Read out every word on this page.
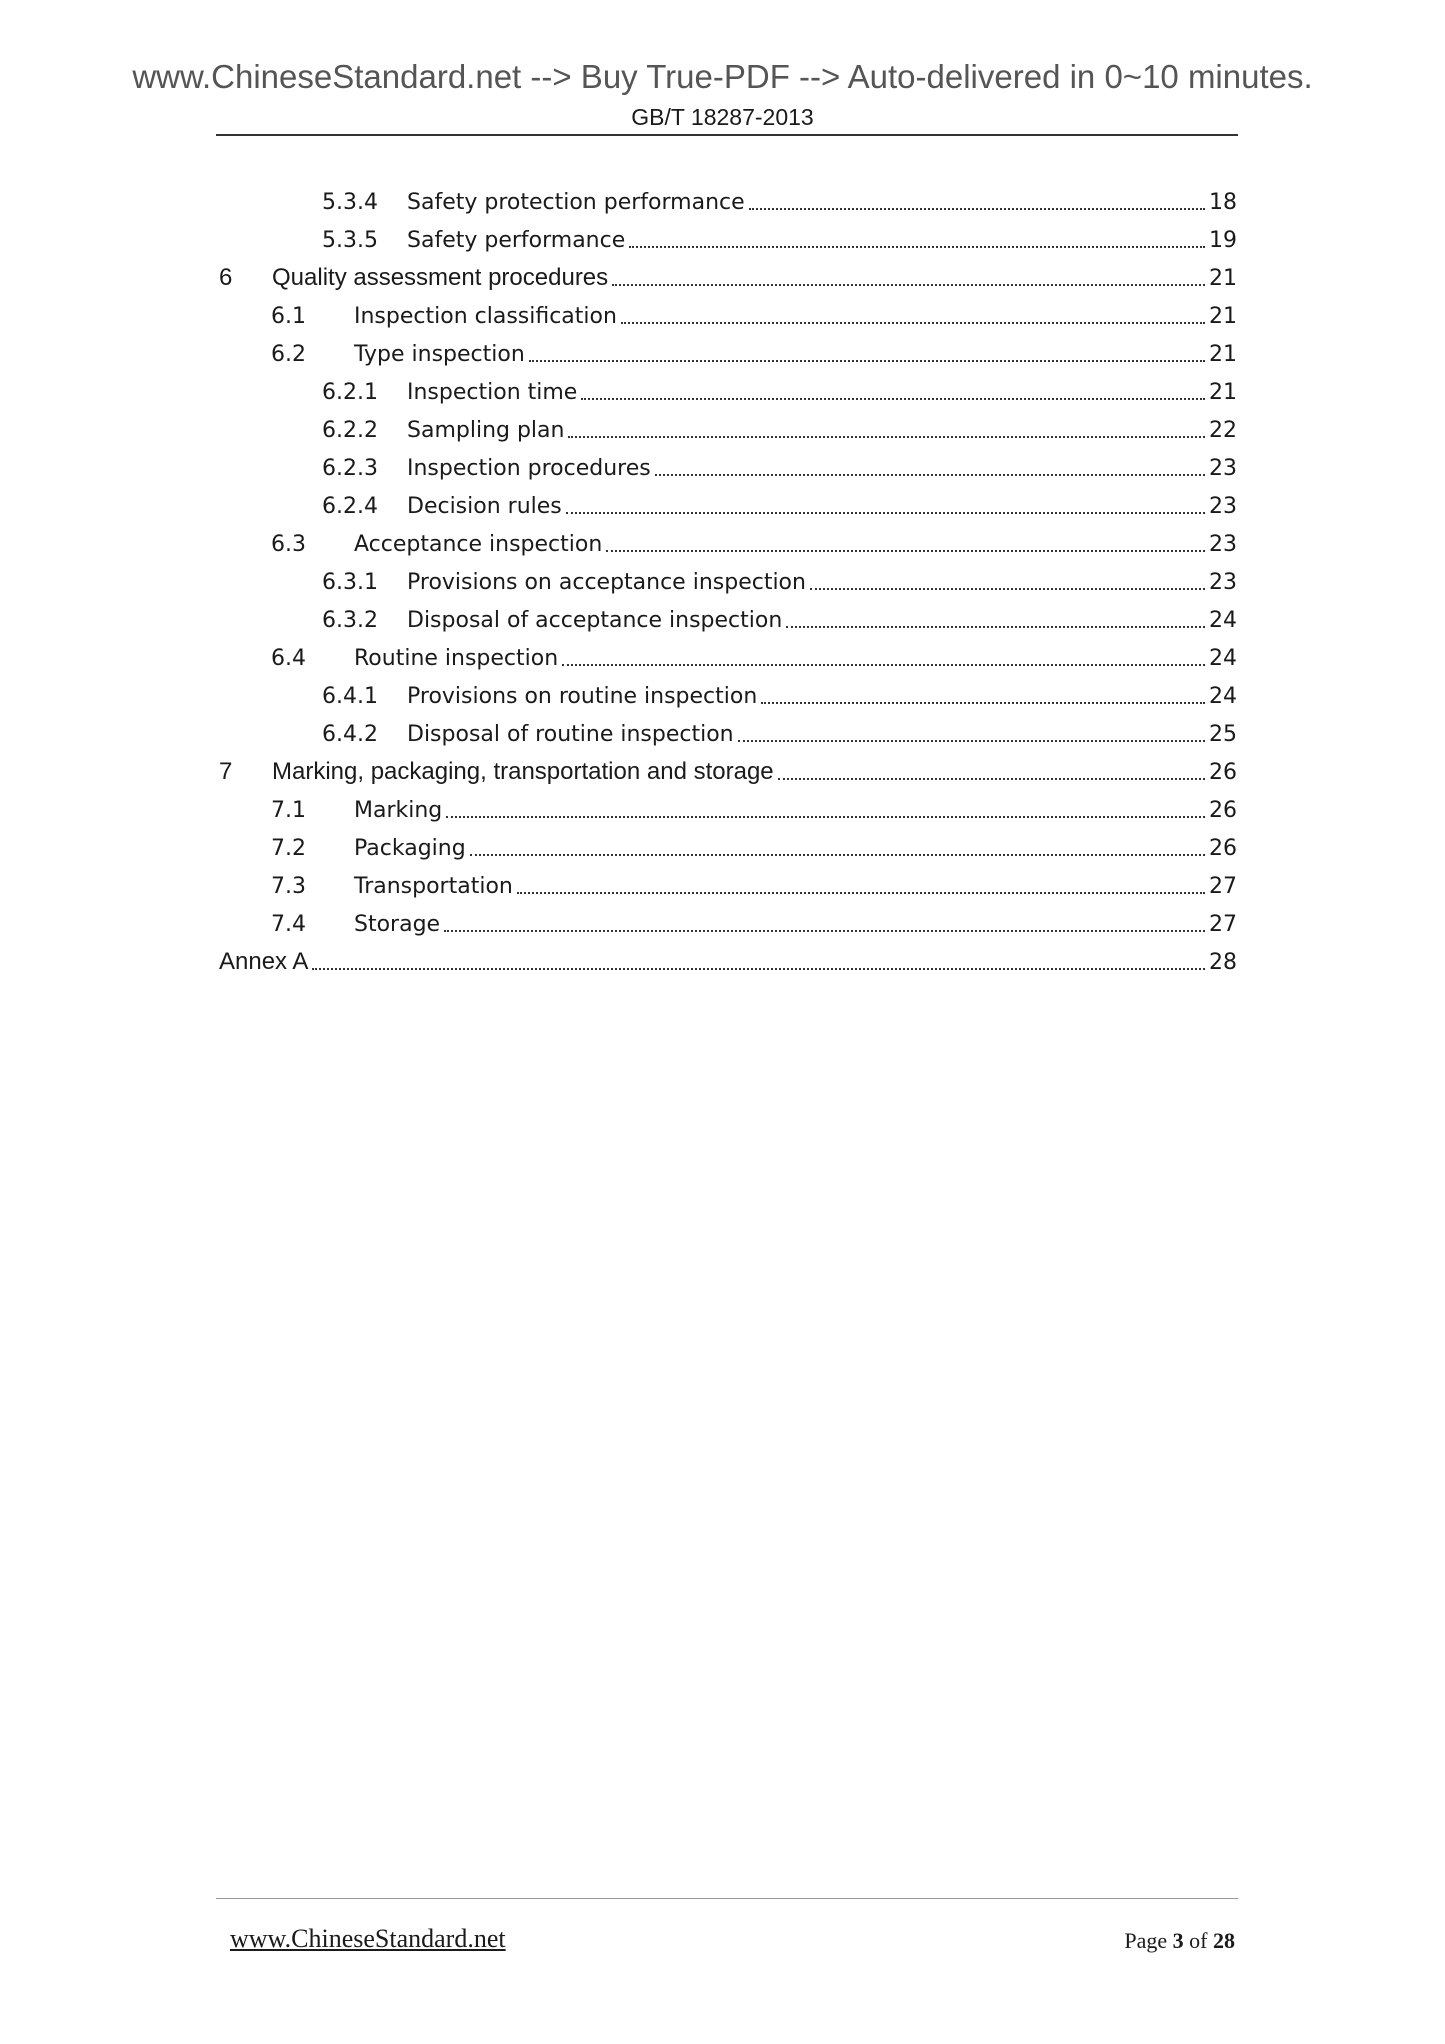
www.ChineseStandard.net --> Buy True-PDF --> Auto-delivered in 0~10 minutes.
GB/T 18287-2013
5.3.4	Safety protection performance	18
5.3.5	Safety performance	19
6	Quality assessment procedures	21
6.1	Inspection classification	21
6.2	Type inspection	21
6.2.1	Inspection time	21
6.2.2	Sampling plan	22
6.2.3	Inspection procedures	23
6.2.4	Decision rules	23
6.3	Acceptance inspection	23
6.3.1	Provisions on acceptance inspection	23
6.3.2	Disposal of acceptance inspection	24
6.4	Routine inspection	24
6.4.1	Provisions on routine inspection	24
6.4.2	Disposal of routine inspection	25
7	Marking, packaging, transportation and storage	26
7.1	Marking	26
7.2	Packaging	26
7.3	Transportation	27
7.4	Storage	27
Annex A	28
www.ChineseStandard.net	Page 3 of 28
